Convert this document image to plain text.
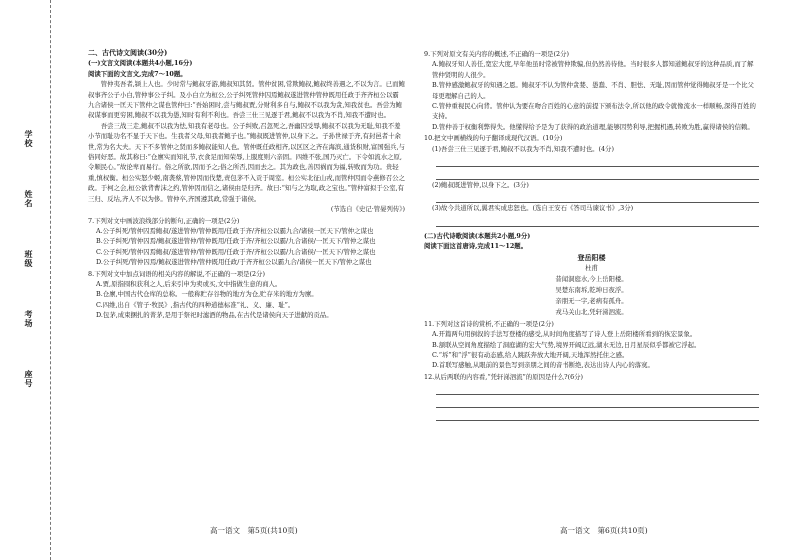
学校
姓名
班级
考场
座号

二、古代诗文阅读(30分)

(一)文言文阅读(本题共4小题,16分)

阅读下面的文言文,完成7～10题。

管仲夷吾者,颍上人也。少时常与鲍叔牙游,鲍叔知其贤。管仲贫困,常欺鲍叔,鲍叔终善遇之,不以为言。已而鲍叔事齐公子小白,管仲事公子纠。及小白立为桓公,公子纠死管仲囚焉鲍叔遂进管仲管仲既用任政于齐齐桓公以霸九合诸侯一匡天下管仲之谋也管仲曰:“吾始困时,尝与鲍叔贾,分财利多自与,鲍叔不以我为贪,知我贫也。吾尝为鲍叔谋事而更穷困,鲍叔不以我为愚,知时有利不利也。吾尝三仕三见逐于君,鲍叔不以我为不肖,知我不遭时也。

吾尝三战三走,鲍叔不以我为怯,知我有老母也。公子纠败,召忽死之,吾幽囚受辱,鲍叔不以我为无耻,知我不羞小节而耻功名不显于天下也。生我者父母,知我者鲍子也。”鲍叔既进管仲,以身下之。子孙世禄于齐,有封邑者十余世,常为名大夫。天下不多管仲之贤而多鲍叔能知人也。管仲既任政相齐,以区区之齐在海滨,通货积财,富国强兵,与俗同好恶。故其称曰:“仓廪实而知礼节,衣食足而知荣辱,上服度则六亲固。四维不张,国乃灭亡。下令如流水之原,令顺民心。”故论卑而易行。俗之所欲,因而予之;俗之所否,因而去之。其为政也,善因祸而为福,转败而为功。贵轻重,慎权衡。桓公实怒少姬,南袭蔡,管仲因而伐楚,责包茅不入贡于周室。桓公实北征山戎,而管仲因而令燕修召公之政。于柯之会,桓公欲背曹沫之约,管仲因而信之,诸侯由是归齐。故曰:“知与之为取,政之宝也。”管仲富拟于公室,有三归、反坫,齐人不以为侈。管仲卒,齐国遵其政,常强于诸侯。

(节选自《史记·管晏列传》)

7.下列对文中画波浪线部分的断句,正确的一项是(2分)

A.公子纠死/管仲囚焉鲍叔/遂进管仲/管仲既用/任政于齐/齐桓公以霸九合/诸侯一匡天下/管仲之谋也

B.公子纠死/管仲囚焉/鲍叔遂进管仲/管仲既用/任政于齐/齐桓公以霸/九合诸侯/一匡天下/管仲之谋也

C.公子纠死/管仲囚焉鲍叔/遂进管仲/管仲既用/任政于齐/齐桓公以霸/九合诸侯/一匡天下/管仲之谋也

D.公子纠死/管仲囚焉/鲍叔遂进管仲/管仲既用任政/于齐齐桓公以霸九合/诸侯一匡天下/管仲之谋也

8.下列对文中加点词语的相关内容的解说,不正确的一项是(2分)

A.贾,原指囤积获利之人,后来引申为卖或买,文中指做生意的商人。

B.仓廪,中国古代仓库的总称。一般称贮存谷物的地方为仓,贮存米的地方为廪。

C.四维,出自《管子·牧民》,指古代的四种道德标准“礼、义、廉、耻”。

D.包茅,成束捆扎的菁茅,是用于祭祀时滤酒的物品,在古代是诸侯向天子进献的贡品。

高一语文　第5页(共10页)

9.下列对原文有关内容的概述,不正确的一项是(2分)

A.鲍叔牙知人善任,宽宏大度,早年他虽时常被管仲欺骗,但仍然善待他。当时很多人都知道鲍叔牙的这种品质,而了解管仲贤明的人很少。

B.管仲感激鲍叔牙的知遇之恩。鲍叔牙不认为管仲贪婪、愚蠢、不肖、胆怯、无耻,因而管仲觉得鲍叔牙是一个比父母更理解自己的人。

C.管仲重视民心向背。管仲认为要在吻合百姓的心意的前提下颁布法令,所以他的政令就像流水一样顺畅,深得百姓的支持。

D.管仲善于权衡利弊得失。他懂得给予是为了获得的政治道理,能够因势利导,把握机遇,转败为胜,赢得诸侯的信赖。

10.把文中画横线的句子翻译成现代汉语。(10分)

(1)吾尝三仕三见逐于君,鲍叔不以我为不肖,知我不遭时也。(4分)

(2)鲍叔既进管仲,以身下之。(3分)

(3)故今共道所以,翼君实成忠恕也。(选自王安石《答司马谏议书》,3分)

(二)古代诗歌阅读(本题共2小题,9分)

阅读下面这首唐诗,完成11～12题。

登岳阳楼

杜甫

昔闻洞庭水,今上岳阳楼。

吴楚东南坼,乾坤日夜浮。

亲朋无一字,老病有孤舟。

戎马关山北,凭轩涕泗流。

11.下列对这首诗的赏析,不正确的一项是(2分)

A.开篇两句用倒叙的手法写登楼的感受,从时间角度描写了诗人登上岳阳楼所看到的恢宏景象。

B.颔联从空间角度描绘了洞庭湖的宏大气势,境界开阔辽远,湖水无边,日月星辰似乎都被它浮起。

C.“坼”和“浮”很有动态感,给人跳跃奔放大地开阔,天地浑然托住之感。

D.首联写感触,从眼前的景色写到亲朋之间的音书断绝,表达出诗人内心的落寞。

12.从后两联的内容看,“凭轩涕泗流”的原因是什么?(6分)

高一语文　第6页(共10页)
